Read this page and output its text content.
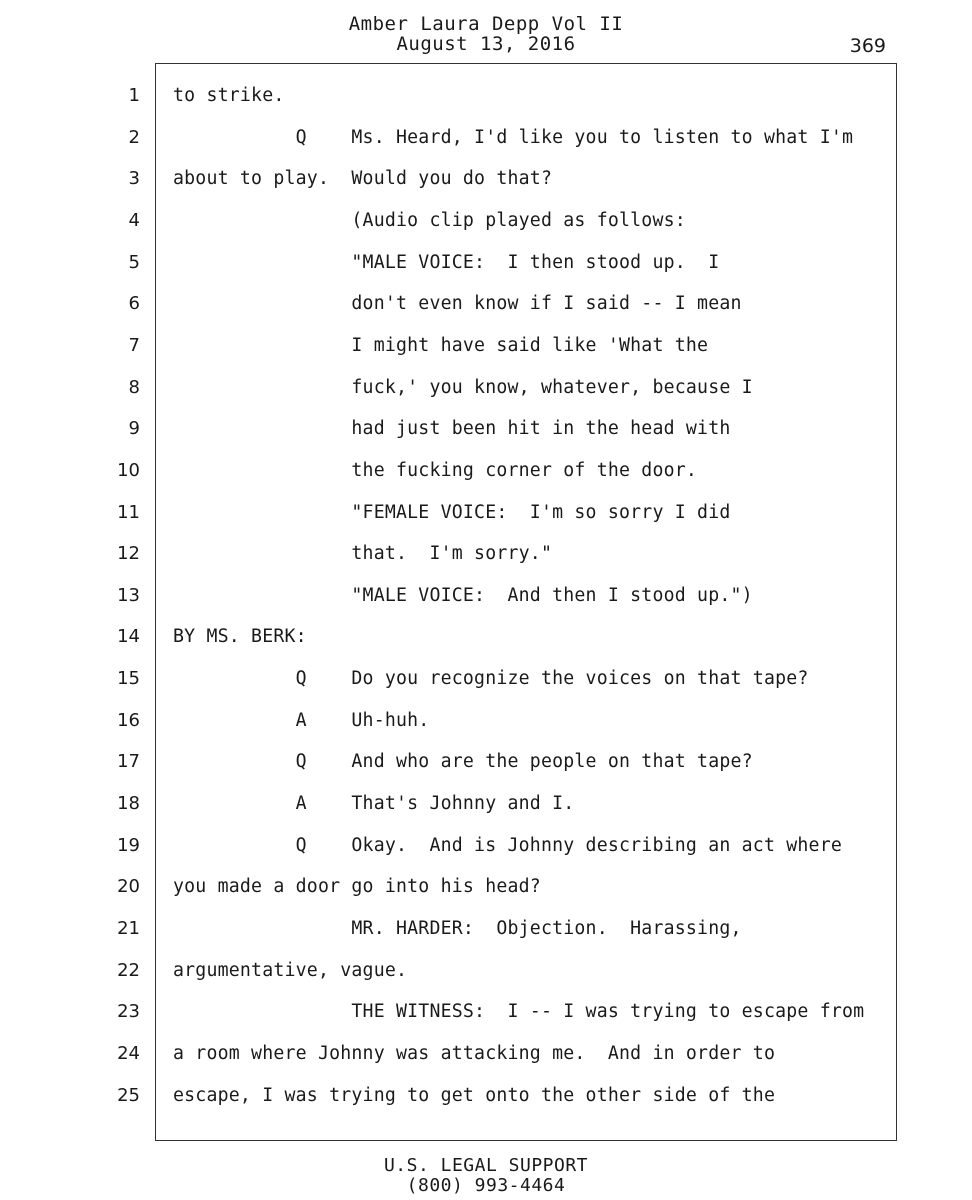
Amber Laura Depp Vol II
August 13, 2016	369
1 to strike.
2 Q    Ms. Heard, I'd like you to listen to what I'm
3 about to play.  Would you do that?
4 (Audio clip played as follows:
5 "MALE VOICE:  I then stood up.  I
6 don't even know if I said -- I mean
7 I might have said like 'What the
8 fuck,' you know, whatever, because I
9 had just been hit in the head with
10 the fucking corner of the door.
11 "FEMALE VOICE:  I'm so sorry I did
12 that.  I'm sorry."
13 "MALE VOICE:  And then I stood up.")
14 BY MS. BERK:
15 Q    Do you recognize the voices on that tape?
16 A    Uh-huh.
17 Q    And who are the people on that tape?
18 A    That's Johnny and I.
19 Q    Okay.  And is Johnny describing an act where
20 you made a door go into his head?
21 MR. HARDER:  Objection.  Harassing,
22 argumentative, vague.
23 THE WITNESS:  I -- I was trying to escape from
24 a room where Johnny was attacking me.  And in order to
25 escape, I was trying to get onto the other side of the
U.S. LEGAL SUPPORT
(800) 993-4464
